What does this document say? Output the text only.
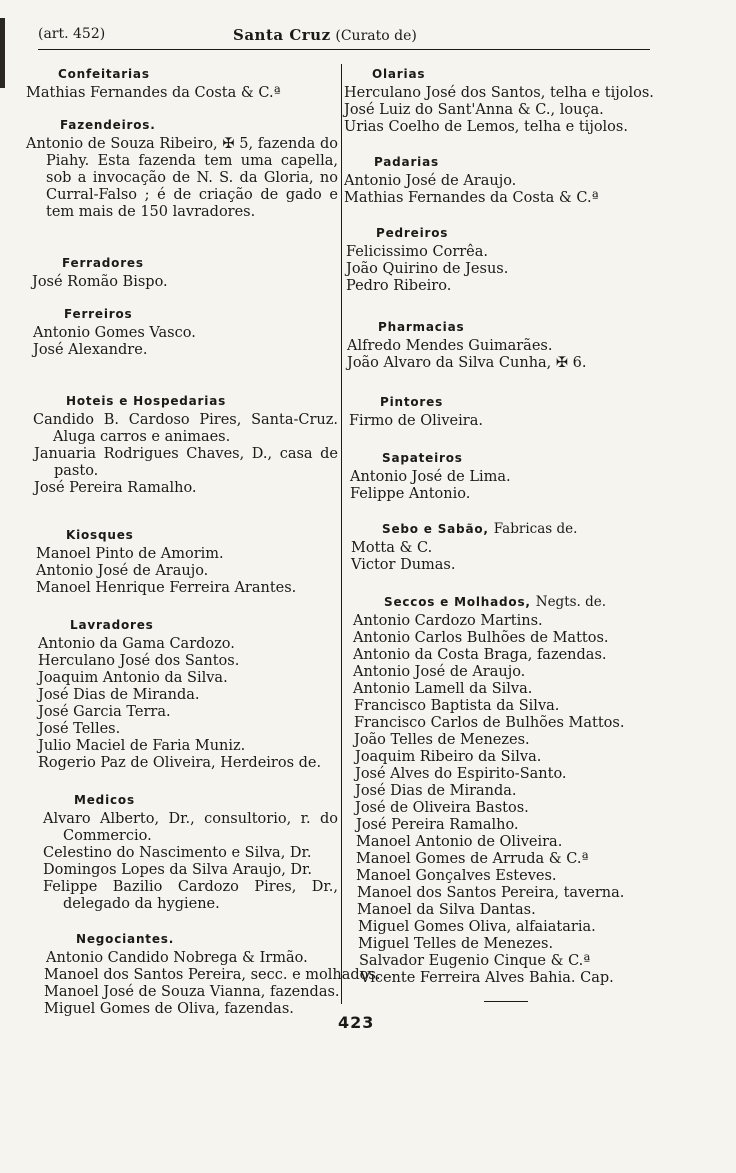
(art. 452)	Santa Cruz (Curato de)
Confeitarias
Mathias Fernandes da Costa & C.ª
Fazendeiros.
Antonio de Souza Ribeiro, ✠ 5, fazenda do Piahy. Esta fazenda tem uma capella, sob a invocação de N. S. da Gloria, no Curral-Falso ; é de criação de gado e tem mais de 150 lavradores.
Ferradores
José Romão Bispo.
Ferreiros
Antonio Gomes Vasco.
José Alexandre.
Hoteis e Hospedarias
Candido B. Cardoso Pires, Santa-Cruz. Aluga carros e animaes.
Januaria Rodrigues Chaves, D., casa de pasto.
José Pereira Ramalho.
Kiosques
Manoel Pinto de Amorim.
Antonio José de Araujo.
Manoel Henrique Ferreira Arantes.
Lavradores
Antonio da Gama Cardozo.
Herculano José dos Santos.
Joaquim Antonio da Silva.
José Dias de Miranda.
José Garcia Terra.
José Telles.
Julio Maciel de Faria Muniz.
Rogerio Paz de Oliveira, Herdeiros de.
Medicos
Alvaro Alberto, Dr., consultorio, r. do Commercio.
Celestino do Nascimento e Silva, Dr.
Domingos Lopes da Silva Araujo, Dr.
Felippe Bazilio Cardozo Pires, Dr., delegado da hygiene.
Negociantes.
Antonio Candido Nobrega & Irmão.
Manoel dos Santos Pereira, secc. e molhados.
Manoel José de Souza Vianna, fazendas.
Miguel Gomes de Oliva, fazendas.
Olarias
Herculano José dos Santos, telha e tijolos.
José Luiz do Sant'Anna & C., louça.
Urias Coelho de Lemos, telha e tijolos.
Padarias
Antonio José de Araujo.
Mathias Fernandes da Costa & C.ª
Pedreiros
Felicissimo Corrêa.
João Quirino de Jesus.
Pedro Ribeiro.
Pharmacias
Alfredo Mendes Guimarães.
João Alvaro da Silva Cunha, ✠ 6.
Pintores
Firmo de Oliveira.
Sapateiros
Antonio José de Lima.
Felippe Antonio.
Sebo e Sabão, Fabricas de.
Motta & C.
Victor Dumas.
Seccos e Molhados, Negts. de.
Antonio Cardozo Martins.
Antonio Carlos Bulhões de Mattos.
Antonio da Costa Braga, fazendas.
Antonio José de Araujo.
Antonio Lamell da Silva.
Francisco Baptista da Silva.
Francisco Carlos de Bulhões Mattos.
João Telles de Menezes.
Joaquim Ribeiro da Silva.
José Alves do Espirito-Santo.
José Dias de Miranda.
José de Oliveira Bastos.
José Pereira Ramalho.
Manoel Antonio de Oliveira.
Manoel Gomes de Arruda & C.ª
Manoel Gonçalves Esteves.
Manoel dos Santos Pereira, taverna.
Manoel da Silva Dantas.
Miguel Gomes Oliva, alfaiataria.
Miguel Telles de Menezes.
Salvador Eugenio Cinque & C.ª
Vicente Ferreira Alves Bahia. Cap.
423
